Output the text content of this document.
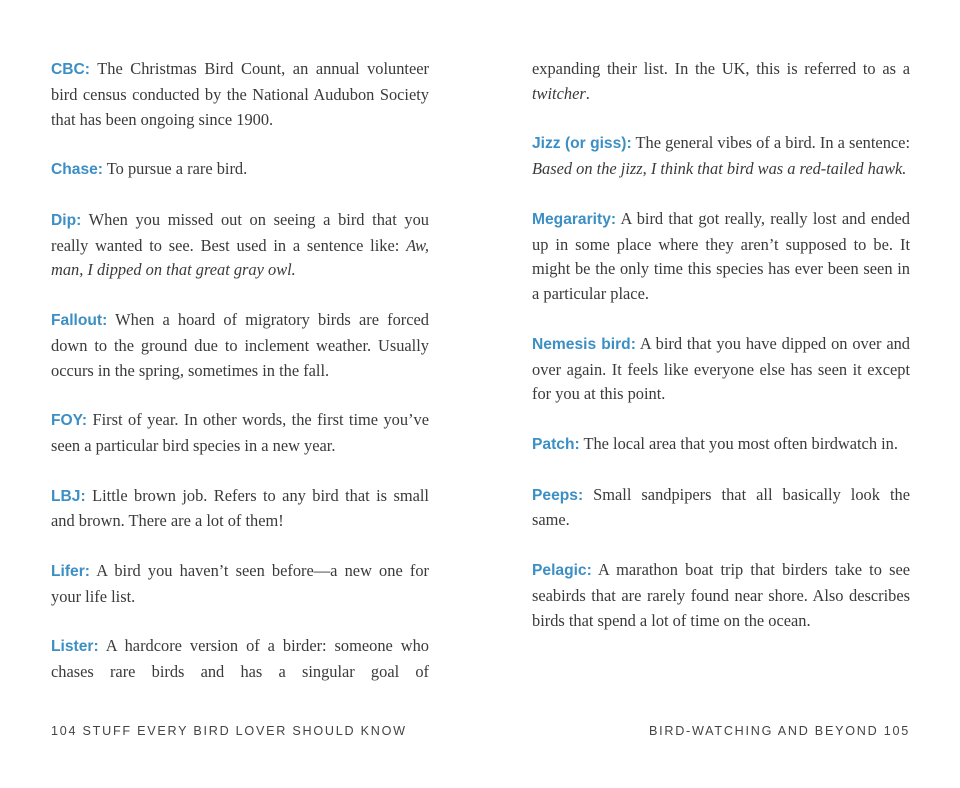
CBC: The Christmas Bird Count, an annual volunteer bird census conducted by the National Audubon Society that has been ongoing since 1900.

Chase: To pursue a rare bird.

Dip: When you missed out on seeing a bird that you really wanted to see. Best used in a sentence like: Aw, man, I dipped on that great gray owl.

Fallout: When a hoard of migratory birds are forced down to the ground due to inclement weather. Usually occurs in the spring, sometimes in the fall.

FOY: First of year. In other words, the first time you’ve seen a particular bird species in a new year.

LBJ: Little brown job. Refers to any bird that is small and brown. There are a lot of them!

Lifer: A bird you haven’t seen before—a new one for your life list.

Lister: A hardcore version of a birder: someone who chases rare birds and has a singular goal of

expanding their list. In the UK, this is referred to as a twitcher.

Jizz (or giss): The general vibes of a bird. In a sentence: Based on the jizz, I think that bird was a red-tailed hawk.

Megararity: A bird that got really, really lost and ended up in some place where they aren’t supposed to be. It might be the only time this species has ever been seen in a particular place.

Nemesis bird: A bird that you have dipped on over and over again. It feels like everyone else has seen it except for you at this point.

Patch: The local area that you most often birdwatch in.

Peeps: Small sandpipers that all basically look the same.

Pelagic: A marathon boat trip that birders take to see seabirds that are rarely found near shore. Also describes birds that spend a lot of time on the ocean.

104 STUFF EVERY BIRD LOVER SHOULD KNOW	BIRD-WATCHING AND BEYOND 105
